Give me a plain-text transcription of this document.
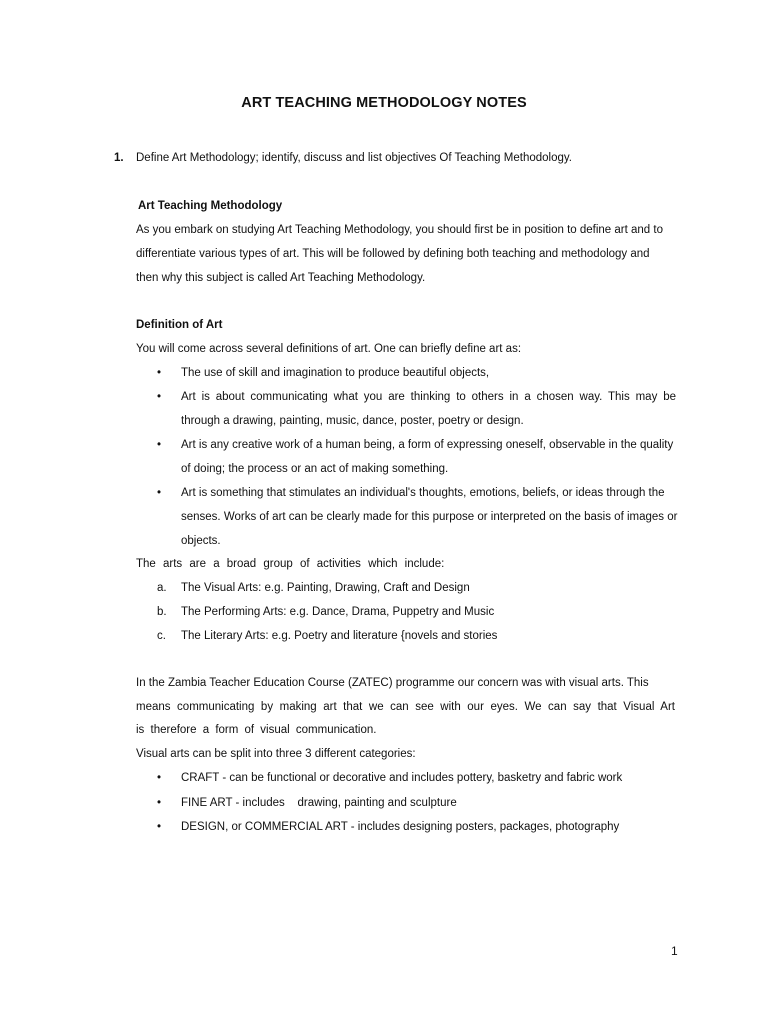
ART TEACHING METHODOLOGY NOTES
1. Define Art Methodology; identify, discuss and list objectives Of Teaching Methodology.
Art Teaching Methodology
As you embark on studying Art Teaching Methodology, you should first be in position to define art and to
differentiate various types of art. This will be followed by defining both teaching and methodology and
then why this subject is called Art Teaching Methodology.
Definition of Art
You will come across several definitions of art. One can briefly define art as:
• The use of skill and imagination to produce beautiful objects,
• Art is about communicating what you are thinking to others in a chosen way. This may be
through a drawing, painting, music, dance, poster, poetry or design.
• Art is any creative work of a human being, a form of expressing oneself, observable in the quality
of doing; the process or an act of making something.
• Art is something that stimulates an individual's thoughts, emotions, beliefs, or ideas through the
senses. Works of art can be clearly made for this purpose or interpreted on the basis of images or
objects.
The arts are a broad group of activities which include:
a. The Visual Arts: e.g. Painting, Drawing, Craft and Design
b. The Performing Arts: e.g. Dance, Drama, Puppetry and Music
c. The Literary Arts: e.g. Poetry and literature {novels and stories
In the Zambia Teacher Education Course (ZATEC) programme our concern was with visual arts. This
means communicating by making art that we can see with our eyes. We can say that Visual Art
is therefore a form of visual communication.
Visual arts can be split into three 3 different categories:
• CRAFT - can be functional or decorative and includes pottery, basketry and fabric work
• FINE ART - includes    drawing, painting and sculpture
• DESIGN, or COMMERCIAL ART - includes designing posters, packages, photography
1
